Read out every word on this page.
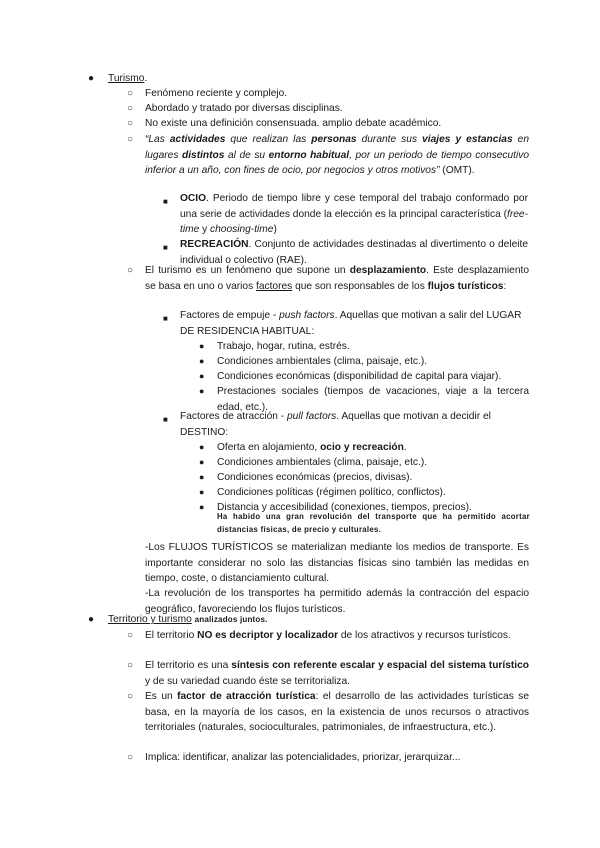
● Turismo.
○ Fenómeno reciente y complejo.
○ Abordado y tratado por diversas disciplinas.
○ No existe una definición consensuada. amplio debate académico.
○ “Las actividades que realizan las personas durante sus viajes y estancias en lugares distintos al de su entorno habitual, por un periodo de tiempo consecutivo inferior a un año, con fines de ocio, por negocios y otros motivos” (OMT).
■ OCIO. Periodo de tiempo libre y cese temporal del trabajo conformado por una serie de actividades donde la elección es la principal característica (free-time y choosing-time)
■ RECREACIÓN. Conjunto de actividades destinadas al divertimento o deleite individual o colectivo (RAE).
○ El turismo es un fenómeno que supone un desplazamiento. Este desplazamiento se basa en uno o varios factores que son responsables de los flujos turísticos:
■ Factores de empuje - push factors. Aquellas que motivan a salir del LUGAR DE RESIDENCIA HABITUAL:
● Trabajo, hogar, rutina, estrés.
● Condiciones ambientales (clima, paisaje, etc.).
● Condiciones económicas (disponibilidad de capital para viajar).
● Prestaciones sociales (tiempos de vacaciones, viaje a la tercera edad, etc.).
■ Factores de atracción - pull factors. Aquellas que motivan a decidir el DESTINO:
● Oferta en alojamiento, ocio y recreación.
● Condiciones ambientales (clima, paisaje, etc.).
● Condiciones económicas (precios, divisas).
● Condiciones políticas (régimen político, conflictos).
● Distancia y accesibilidad (conexiones, tiempos, precios).
Ha habido una gran revolución del transporte que ha permitido acortar distancias físicas, de precio y culturales.
-Los FLUJOS TURÍSTICOS se materializan mediante los medios de transporte. Es importante considerar no solo las distancias físicas sino también las medidas en tiempo, coste, o distanciamiento cultural.
-La revolución de los transportes ha permitido además la contracción del espacio geográfico, favoreciendo los flujos turísticos.
● Territorio y turismo analizados juntos.
○ El territorio NO es decriptor y localizador de los atractivos y recursos turísticos.
○ El territorio es una síntesis con referente escalar y espacial del sistema turístico y de su variedad cuando éste se territorializa.
○ Es un factor de atracción turística: el desarrollo de las actividades turísticas se basa, en la mayoría de los casos, en la existencia de unos recursos o atractivos territoriales (naturales, socioculturales, patrimoniales, de infraestructura, etc.).
○ Implica: identificar, analizar las potencialidades, priorizar, jerarquizar...
